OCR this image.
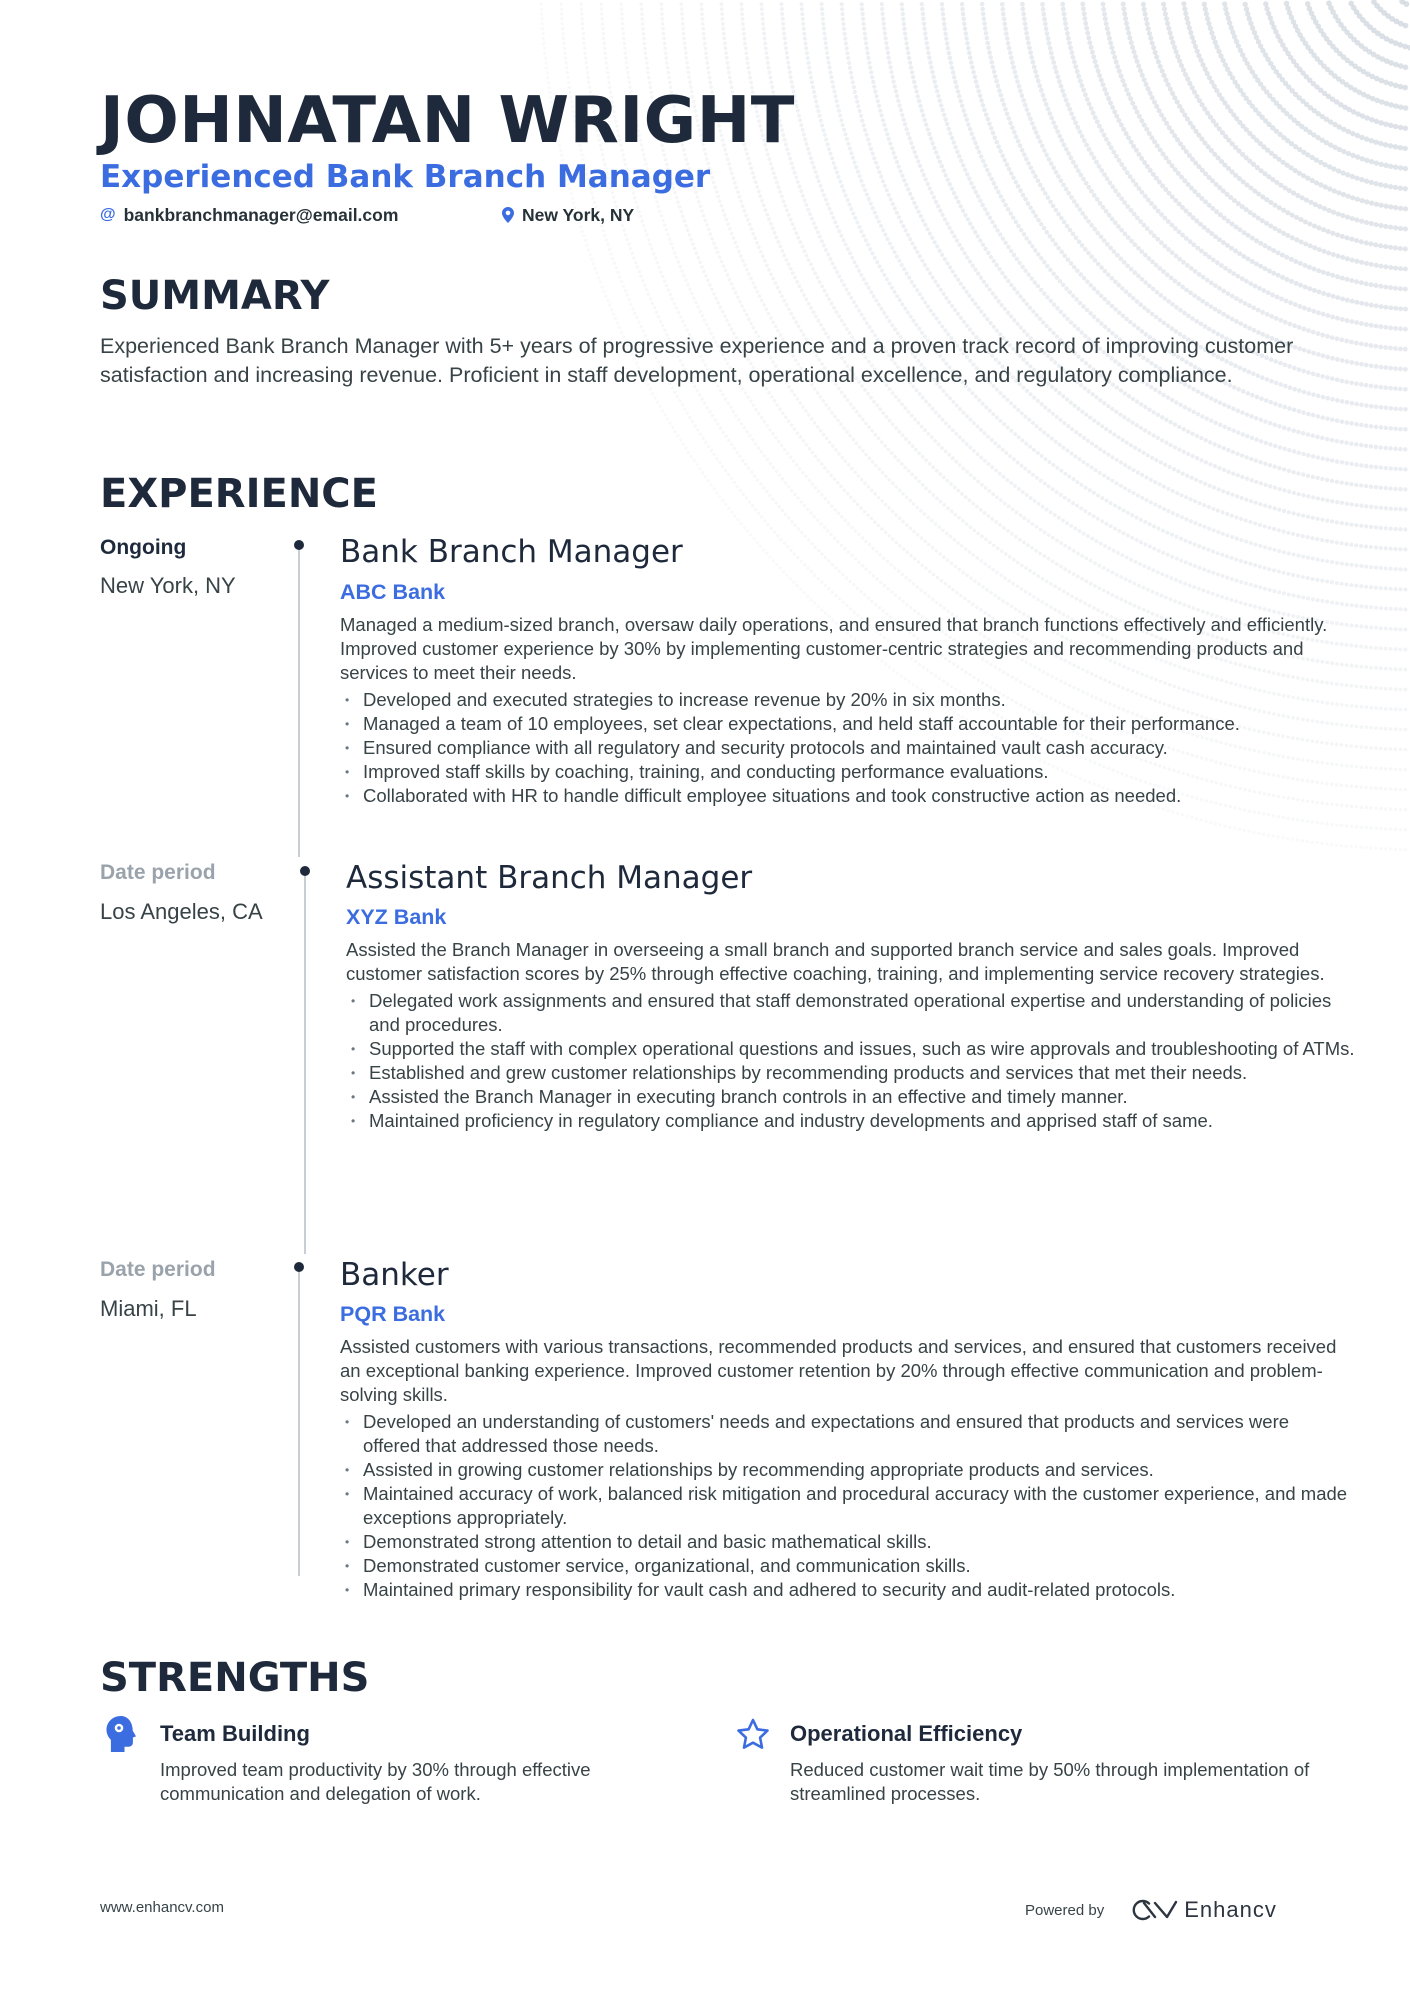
JOHNATAN WRIGHT
Experienced Bank Branch Manager
@ bankbranchmanager@email.com	New York, NY
SUMMARY
Experienced Bank Branch Manager with 5+ years of progressive experience and a proven track record of improving customer satisfaction and increasing revenue. Proficient in staff development, operational excellence, and regulatory compliance.
EXPERIENCE
Ongoing
New York, NY
Bank Branch Manager
ABC Bank
Managed a medium-sized branch, oversaw daily operations, and ensured that branch functions effectively and efficiently. Improved customer experience by 30% by implementing customer-centric strategies and recommending products and services to meet their needs.
• Developed and executed strategies to increase revenue by 20% in six months.
• Managed a team of 10 employees, set clear expectations, and held staff accountable for their performance.
• Ensured compliance with all regulatory and security protocols and maintained vault cash accuracy.
• Improved staff skills by coaching, training, and conducting performance evaluations.
• Collaborated with HR to handle difficult employee situations and took constructive action as needed.
Date period
Los Angeles, CA
Assistant Branch Manager
XYZ Bank
Assisted the Branch Manager in overseeing a small branch and supported branch service and sales goals. Improved customer satisfaction scores by 25% through effective coaching, training, and implementing service recovery strategies.
• Delegated work assignments and ensured that staff demonstrated operational expertise and understanding of policies and procedures.
• Supported the staff with complex operational questions and issues, such as wire approvals and troubleshooting of ATMs.
• Established and grew customer relationships by recommending products and services that met their needs.
• Assisted the Branch Manager in executing branch controls in an effective and timely manner.
• Maintained proficiency in regulatory compliance and industry developments and apprised staff of same.
Date period
Miami, FL
Banker
PQR Bank
Assisted customers with various transactions, recommended products and services, and ensured that customers received an exceptional banking experience. Improved customer retention by 20% through effective communication and problem-solving skills.
• Developed an understanding of customers' needs and expectations and ensured that products and services were offered that addressed those needs.
• Assisted in growing customer relationships by recommending appropriate products and services.
• Maintained accuracy of work, balanced risk mitigation and procedural accuracy with the customer experience, and made exceptions appropriately.
• Demonstrated strong attention to detail and basic mathematical skills.
• Demonstrated customer service, organizational, and communication skills.
• Maintained primary responsibility for vault cash and adhered to security and audit-related protocols.
STRENGTHS
Team Building
Improved team productivity by 30% through effective communication and delegation of work.
Operational Efficiency
Reduced customer wait time by 50% through implementation of streamlined processes.
www.enhancv.com	Powered by	Enhancv
